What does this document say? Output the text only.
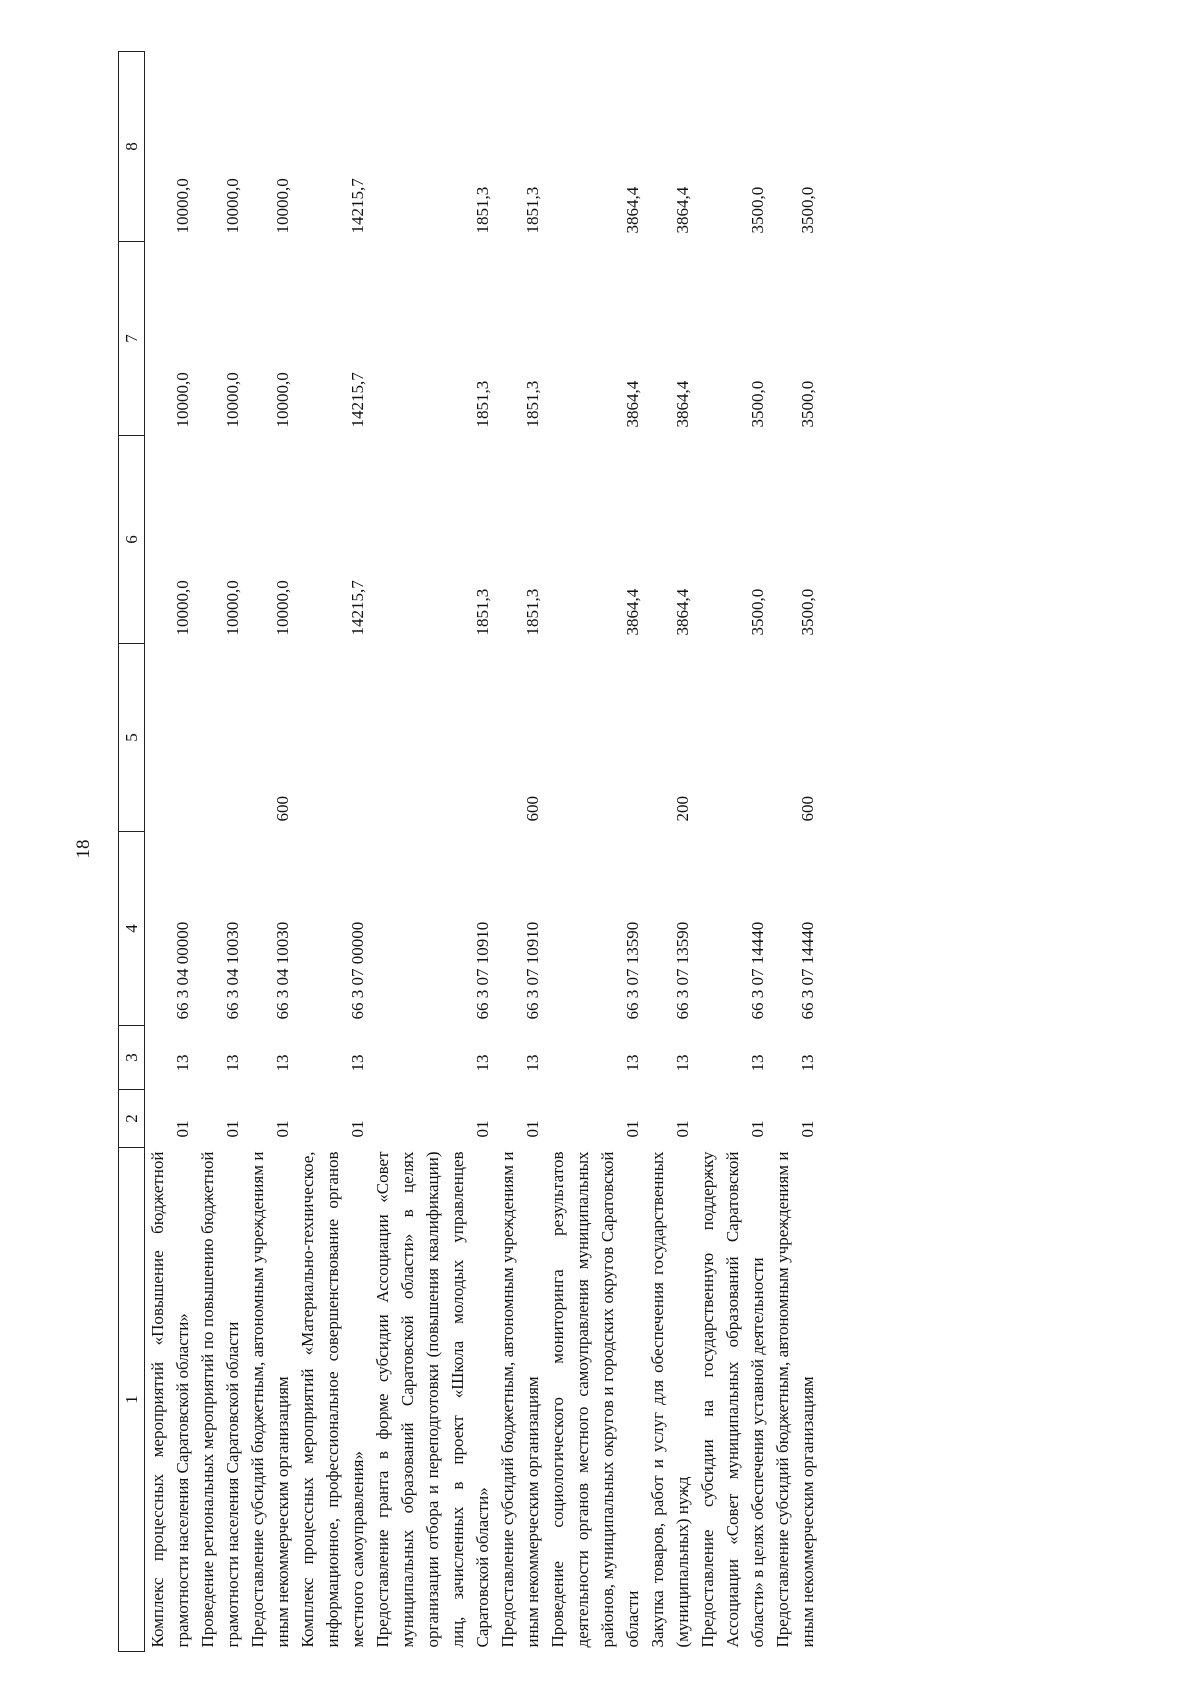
18
1	2	3	4	5	6	7	8
Комплекс процессных мероприятий «Повышение бюджетной грамотности населения Саратовской области»	01	13	66 3 04 00000		10000,0	10000,0	10000,0
Проведение региональных мероприятий по повышению бюджетной грамотности населения Саратовской области	01	13	66 3 04 10030		10000,0	10000,0	10000,0
Предоставление субсидий бюджетным, автономным учреждениям и иным некоммерческим организациям	01	13	66 3 04 10030	600	10000,0	10000,0	10000,0
Комплекс процессных мероприятий «Материально-техническое, информационное, профессиональное совершенствование органов местного самоуправления»	01	13	66 3 07 00000		14215,7	14215,7	14215,7
Предоставление гранта в форме субсидии Ассоциации «Совет муниципальных образований Саратовской области» в целях организации отбора и переподготовки (повышения квалификации) лиц, зачисленных в проект «Школа молодых управленцев Саратовской области»	01	13	66 3 07 10910		1851,3	1851,3	1851,3
Предоставление субсидий бюджетным, автономным учреждениям и иным некоммерческим организациям	01	13	66 3 07 10910	600	1851,3	1851,3	1851,3
Проведение социологического мониторинга результатов деятельности органов местного самоуправления муниципальных районов, муниципальных округов и городских округов Саратовской области	01	13	66 3 07 13590		3864,4	3864,4	3864,4
Закупка товаров, работ и услуг для обеспечения государственных (муниципальных) нужд	01	13	66 3 07 13590	200	3864,4	3864,4	3864,4
Предоставление субсидии на государственную поддержку Ассоциации «Совет муниципальных образований Саратовской области» в целях обеспечения уставной деятельности	01	13	66 3 07 14440		3500,0	3500,0	3500,0
Предоставление субсидий бюджетным, автономным учреждениям и иным некоммерческим организациям	01	13	66 3 07 14440	600	3500,0	3500,0	3500,0
